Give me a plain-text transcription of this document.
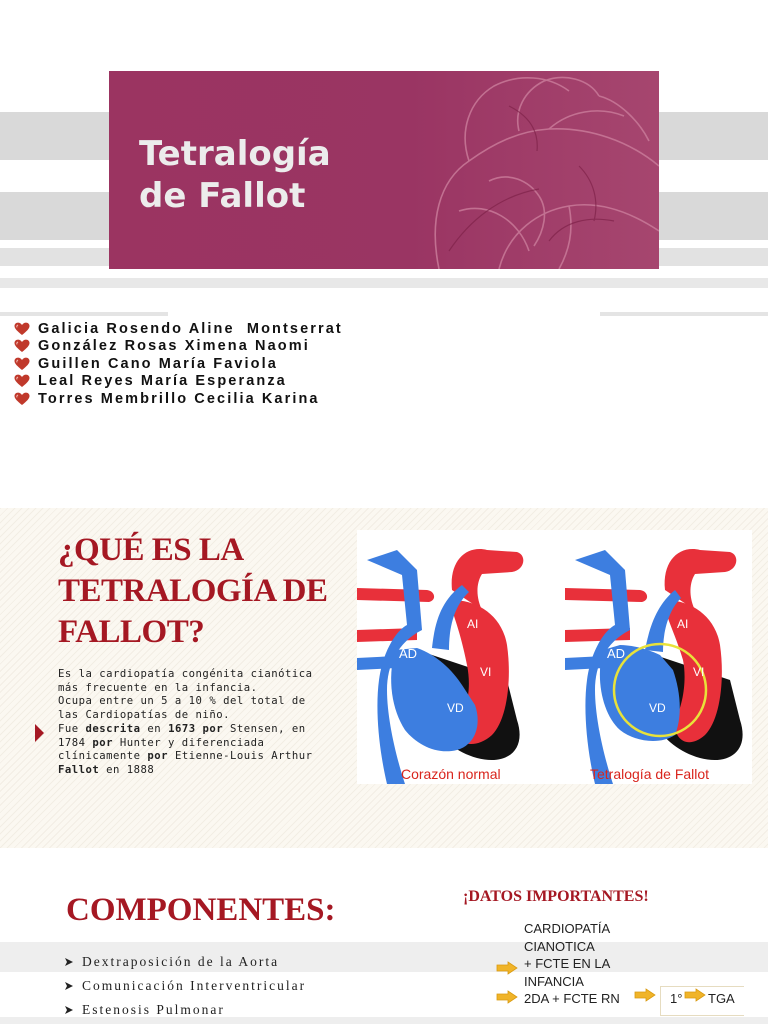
Tetralogía
de Fallot
Galicia Rosendo Aline  Montserrat
González Rosas Ximena Naomi
Guillen Cano María Faviola
Leal Reyes María Esperanza
Torres Membrillo Cecilia Karina
¿QUÉ ES LA TETRALOGÍA DE FALLOT?
Es la cardiopatía congénita cianótica más frecuente en la infancia.
Ocupa entre un 5 a 10 % del total de las Cardiopatías de niño.
Fue descrita en 1673 por Stensen, en 1784 por Hunter y diferenciada clínicamente por Etienne-Louis Arthur Fallot en 1888
AD
AI
VI
VD
AD
AI
VI
VD
Corazón normal	Tetralogía de Fallot
COMPONENTES:
Dextraposición de la Aorta
Comunicación Interventricular
Estenosis Pulmonar
¡DATOS IMPORTANTES!
CARDIOPATÍA
CIANOTICA
+ FCTE EN LA
INFANCIA
2DA + FCTE RN	1° TGA
